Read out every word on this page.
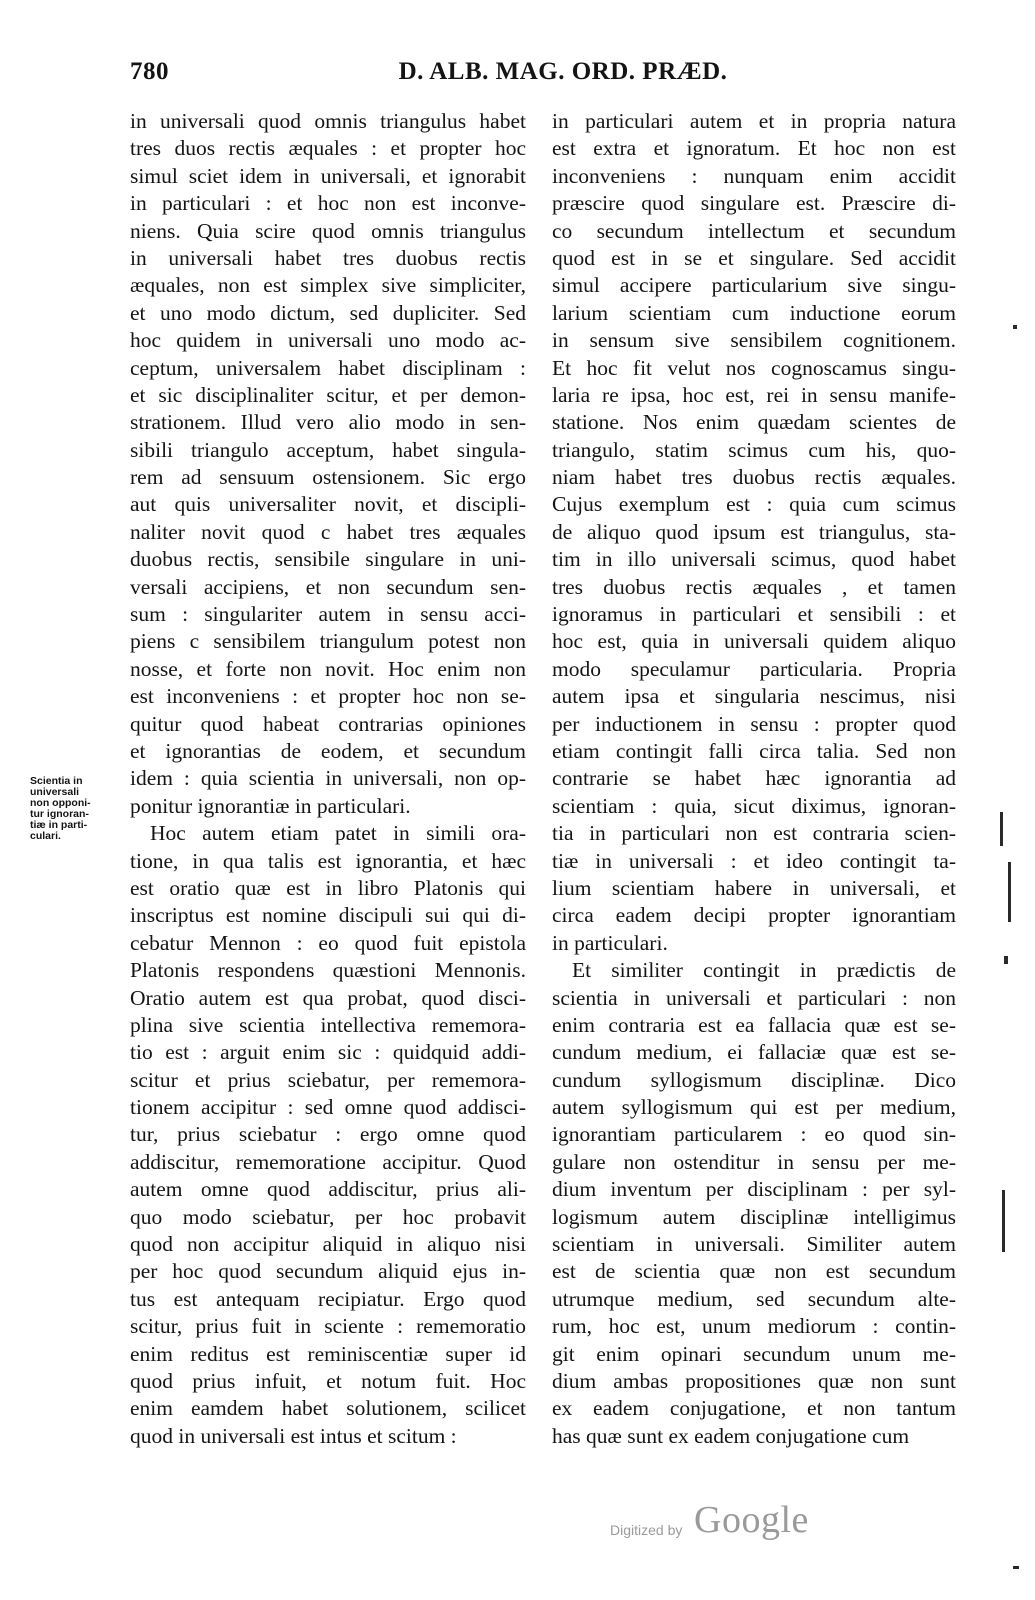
780	D. ALB. MAG. ORD. PRÆD.
Scientia in
universali
non opponi-
tur ignoran-
tiæ in parti-
culari.
in universali quod omnis triangulus habet
tres duos rectis æquales : et propter hoc
simul sciet idem in universali, et ignorabit
in particulari : et hoc non est inconve-
niens. Quia scire quod omnis triangulus
in universali habet tres duobus rectis
æquales, non est simplex sive simpliciter,
et uno modo dictum, sed dupliciter. Sed
hoc quidem in universali uno modo ac-
ceptum, universalem habet disciplinam :
et sic disciplinaliter scitur, et per demon-
strationem. Illud vero alio modo in sen-
sibili triangulo acceptum, habet singula-
rem ad sensuum ostensionem. Sic ergo
aut quis universaliter novit, et discipli-
naliter novit quod c habet tres æquales
duobus rectis, sensibile singulare in uni-
versali accipiens, et non secundum sen-
sum : singulariter autem in sensu acci-
piens c sensibilem triangulum potest non
nosse, et forte non novit. Hoc enim non
est inconveniens : et propter hoc non se-
quitur quod habeat contrarias opiniones
et ignorantias de eodem, et secundum
idem : quia scientia in universali, non op-
ponitur ignorantiæ in particulari.
Hoc autem etiam patet in simili ora-
tione, in qua talis est ignorantia, et hæc
est oratio quæ est in libro Platonis qui
inscriptus est nomine discipuli sui qui di-
cebatur Mennon : eo quod fuit epistola
Platonis respondens quæstioni Mennonis.
Oratio autem est qua probat, quod disci-
plina sive scientia intellectiva rememora-
tio est : arguit enim sic : quidquid addi-
scitur et prius sciebatur, per rememora-
tionem accipitur : sed omne quod addisci-
tur, prius sciebatur : ergo omne quod
addiscitur, rememoratione accipitur. Quod
autem omne quod addiscitur, prius ali-
quo modo sciebatur, per hoc probavit
quod non accipitur aliquid in aliquo nisi
per hoc quod secundum aliquid ejus in-
tus est antequam recipiatur. Ergo quod
scitur, prius fuit in sciente : rememoratio
enim reditus est reminiscentiæ super id
quod prius infuit, et notum fuit. Hoc
enim eamdem habet solutionem, scilicet
quod in universali est intus et scitum :
in particulari autem et in propria natura
est extra et ignoratum. Et hoc non est
inconveniens : nunquam enim accidit
præscire quod singulare est. Præscire di-
co secundum intellectum et secundum
quod est in se et singulare. Sed accidit
simul accipere particularium sive singu-
larium scientiam cum inductione eorum
in sensum sive sensibilem cognitionem.
Et hoc fit velut nos cognoscamus singu-
laria re ipsa, hoc est, rei in sensu manife-
statione. Nos enim quædam scientes de
triangulo, statim scimus cum his, quo-
niam habet tres duobus rectis æquales.
Cujus exemplum est : quia cum scimus
de aliquo quod ipsum est triangulus, sta-
tim in illo universali scimus, quod habet
tres duobus rectis æquales , et tamen
ignoramus in particulari et sensibili : et
hoc est, quia in universali quidem aliquo
modo speculamur particularia. Propria
autem ipsa et singularia nescimus, nisi
per inductionem in sensu : propter quod
etiam contingit falli circa talia. Sed non
contrarie se habet hæc ignorantia ad
scientiam : quia, sicut diximus, ignoran-
tia in particulari non est contraria scien-
tiæ in universali : et ideo contingit ta-
lium scientiam habere in universali, et
circa eadem decipi propter ignorantiam
in particulari.
Et similiter contingit in prædictis de
scientia in universali et particulari : non
enim contraria est ea fallacia quæ est se-
cundum medium, ei fallaciæ quæ est se-
cundum syllogismum disciplinæ. Dico
autem syllogismum qui est per medium,
ignorantiam particularem : eo quod sin-
gulare non ostenditur in sensu per me-
dium inventum per disciplinam : per syl-
logismum autem disciplinæ intelligimus
scientiam in universali. Similiter autem
est de scientia quæ non est secundum
utrumque medium, sed secundum alte-
rum, hoc est, unum mediorum : contin-
git enim opinari secundum unum me-
dium ambas propositiones quæ non sunt
ex eadem conjugatione, et non tantum
has quæ sunt ex eadem conjugatione cum
Digitized by Google
